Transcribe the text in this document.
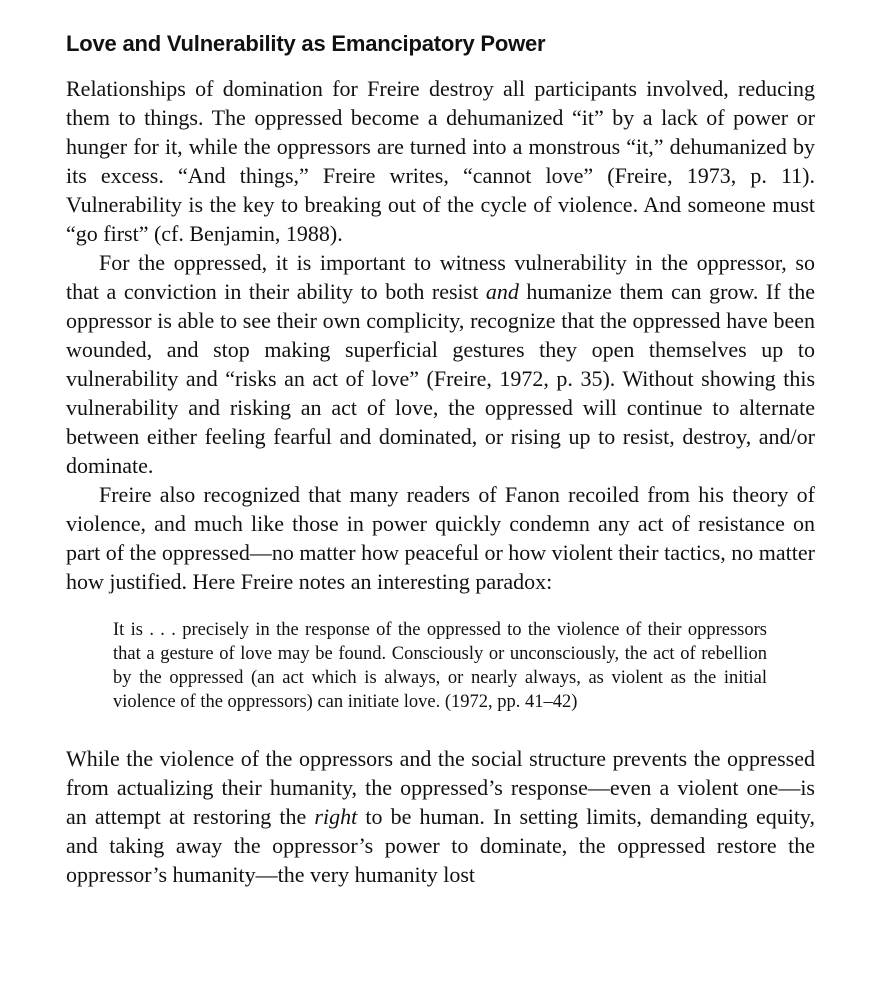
Love and Vulnerability as Emancipatory Power

Relationships of domination for Freire destroy all participants involved, reducing them to things. The oppressed become a dehumanized “it” by a lack of power or hunger for it, while the oppressors are turned into a monstrous “it,” dehumanized by its excess. “And things,” Freire writes, “cannot love” (Freire, 1973, p. 11). Vulnerability is the key to breaking out of the cycle of violence. And someone must “go first” (cf. Benjamin, 1988).

For the oppressed, it is important to witness vulnerability in the oppressor, so that a conviction in their ability to both resist and humanize them can grow. If the oppressor is able to see their own complicity, recognize that the oppressed have been wounded, and stop making superficial gestures they open themselves up to vulnerability and “risks an act of love” (Freire, 1972, p. 35). Without showing this vulnerability and risking an act of love, the oppressed will continue to alternate between either feeling fearful and dominated, or rising up to resist, destroy, and/or dominate.

Freire also recognized that many readers of Fanon recoiled from his theory of violence, and much like those in power quickly condemn any act of resistance on part of the oppressed—no matter how peaceful or how violent their tactics, no matter how justified. Here Freire notes an interesting paradox:

It is . . . precisely in the response of the oppressed to the violence of their oppressors that a gesture of love may be found. Consciously or unconsciously, the act of rebellion by the oppressed (an act which is always, or nearly always, as violent as the initial violence of the oppressors) can initiate love. (1972, pp. 41–42)

While the violence of the oppressors and the social structure prevents the oppressed from actualizing their humanity, the oppressed’s response—even a violent one—is an attempt at restoring the right to be human. In setting limits, demanding equity, and taking away the oppressor’s power to dominate, the oppressed restore the oppressor’s humanity—the very humanity lost
